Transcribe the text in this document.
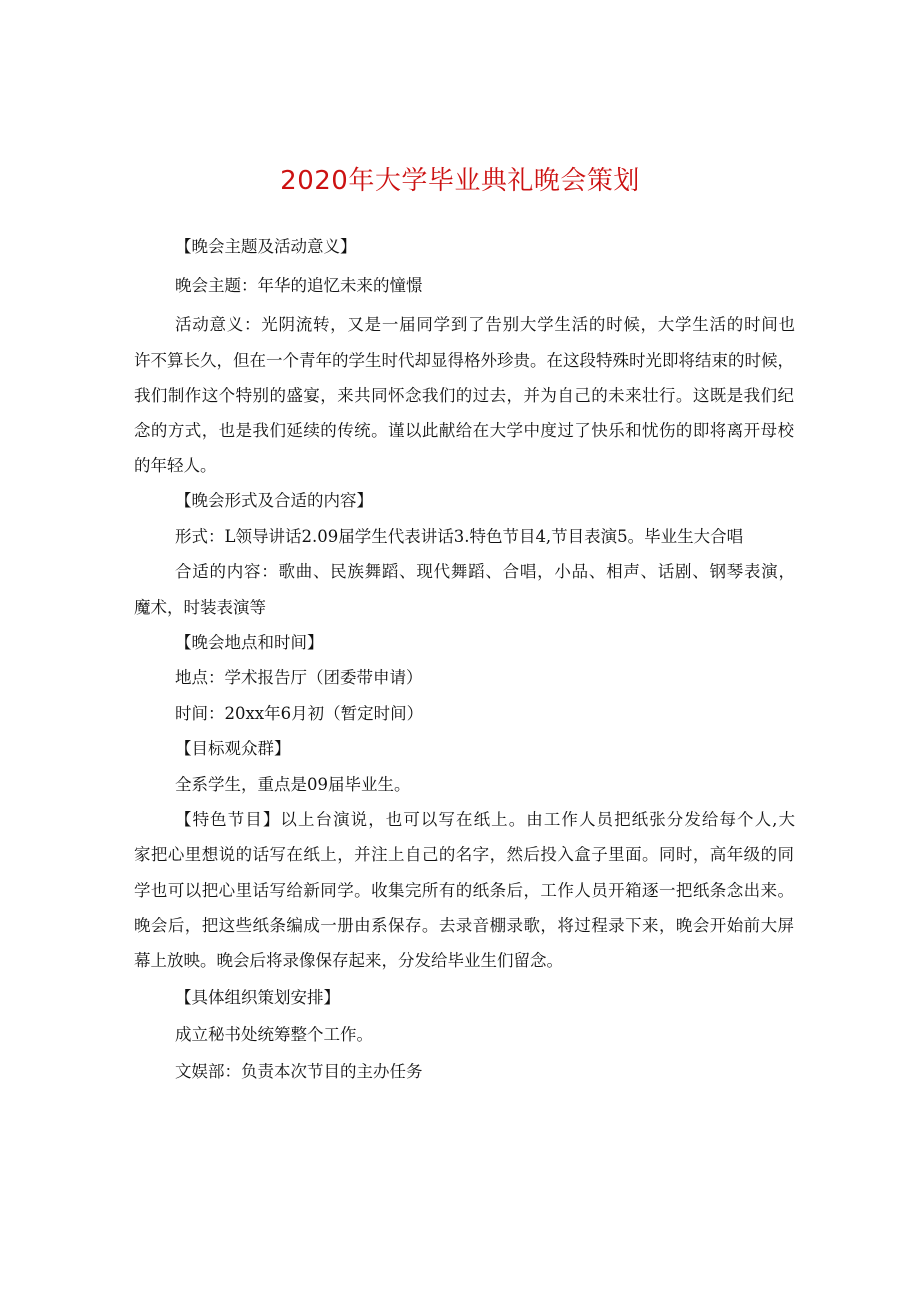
2020年大学毕业典礼晚会策划
【晚会主题及活动意义】
晚会主题：年华的追忆未来的憧憬
活动意义：光阴流转，又是一届同学到了告别大学生活的时候，大学生活的时间也
许不算长久，但在一个青年的学生时代却显得格外珍贵。在这段特殊时光即将结束的时候，
我们制作这个特别的盛宴，来共同怀念我们的过去，并为自己的未来壮行。这既是我们纪
念的方式，也是我们延续的传统。谨以此献给在大学中度过了快乐和忧伤的即将离开母校
的年轻人。
【晚会形式及合适的内容】
形式：L领导讲话2.09届学生代表讲话3.特色节目4,节目表演5。毕业生大合唱
合适的内容：歌曲、民族舞蹈、现代舞蹈、合唱，小品、相声、话剧、钢琴表演，
魔术，时装表演等
【晚会地点和时间】
地点：学术报告厅（团委带申请）
时间：20xx年6月初（暂定时间）
【目标观众群】
全系学生，重点是09届毕业生。
【特色节目】以上台演说，也可以写在纸上。由工作人员把纸张分发给每个人,大
家把心里想说的话写在纸上，并注上自己的名字，然后投入盒子里面。同时，高年级的同
学也可以把心里话写给新同学。收集完所有的纸条后，工作人员开箱逐一把纸条念出来。
晚会后，把这些纸条编成一册由系保存。去录音棚录歌，将过程录下来，晚会开始前大屏
幕上放映。晚会后将录像保存起来，分发给毕业生们留念。
【具体组织策划安排】
成立秘书处统筹整个工作。
文娱部：负责本次节目的主办任务
